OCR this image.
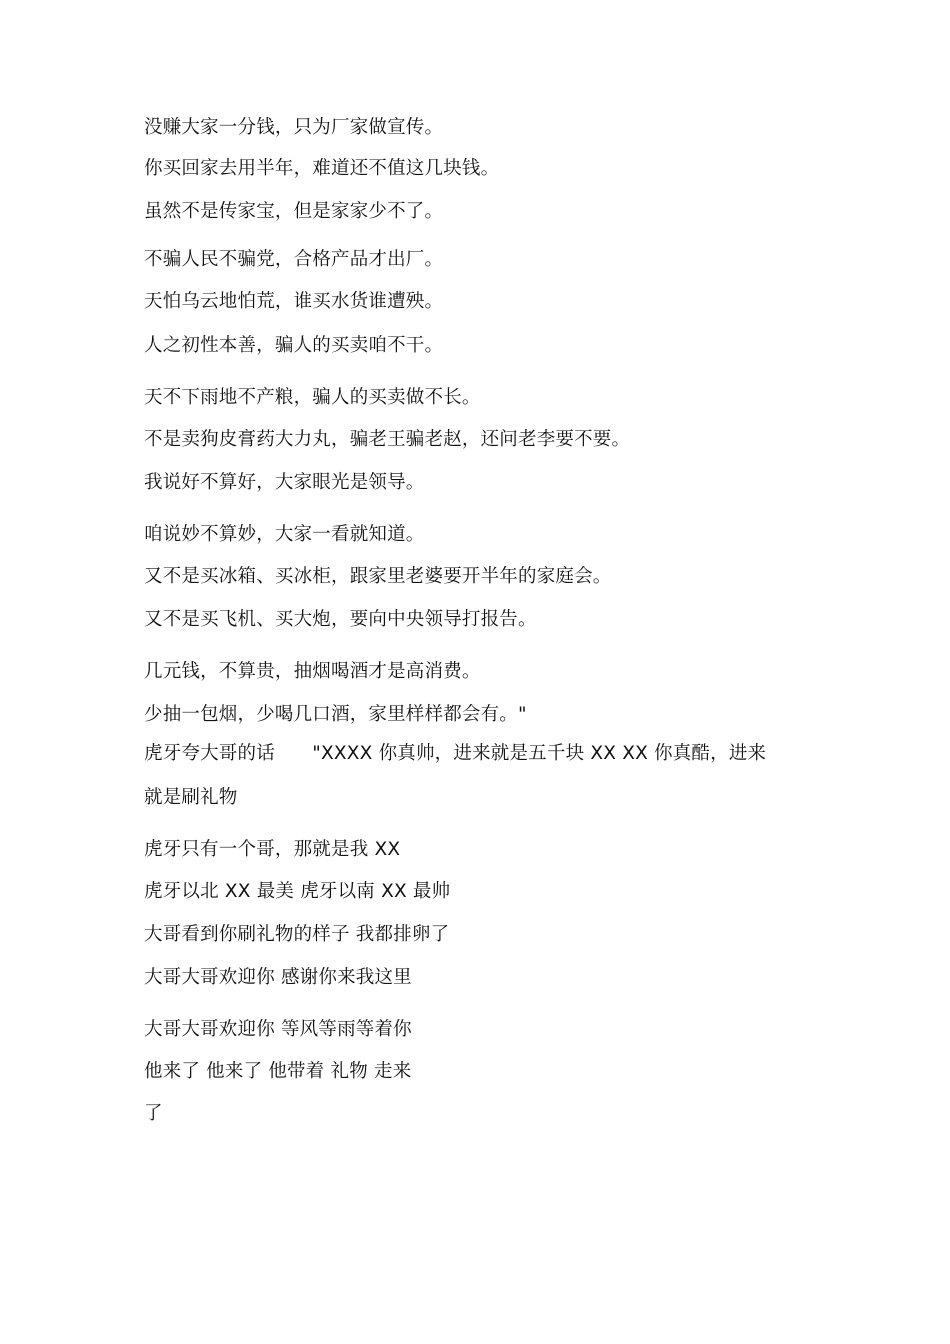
没赚大家一分钱，只为厂家做宣传。
你买回家去用半年，难道还不值这几块钱。
虽然不是传家宝，但是家家少不了。
不骗人民不骗党，合格产品才出厂。
天怕乌云地怕荒，谁买水货谁遭殃。
人之初性本善，骗人的买卖咱不干。
天不下雨地不产粮，骗人的买卖做不长。
不是卖狗皮膏药大力丸，骗老王骗老赵，还问老李要不要。
我说好不算好，大家眼光是领导。
咱说妙不算妙，大家一看就知道。
又不是买冰箱、买冰柜，跟家里老婆要开半年的家庭会。
又不是买飞机、买大炮，要向中央领导打报告。
几元钱，不算贵，抽烟喝酒才是高消费。
少抽一包烟，少喝几口酒，家里样样都会有。"
虎牙夸大哥的话　　"XXXX 你真帅，进来就是五千块 XX XX 你真酷，进来
就是刷礼物
虎牙只有一个哥，那就是我 XX
虎牙以北 XX 最美 虎牙以南 XX 最帅
大哥看到你刷礼物的样子 我都排卵了
大哥大哥欢迎你 感谢你来我这里
大哥大哥欢迎你 等风等雨等着你
他来了 他来了 他带着 礼物 走来
了
